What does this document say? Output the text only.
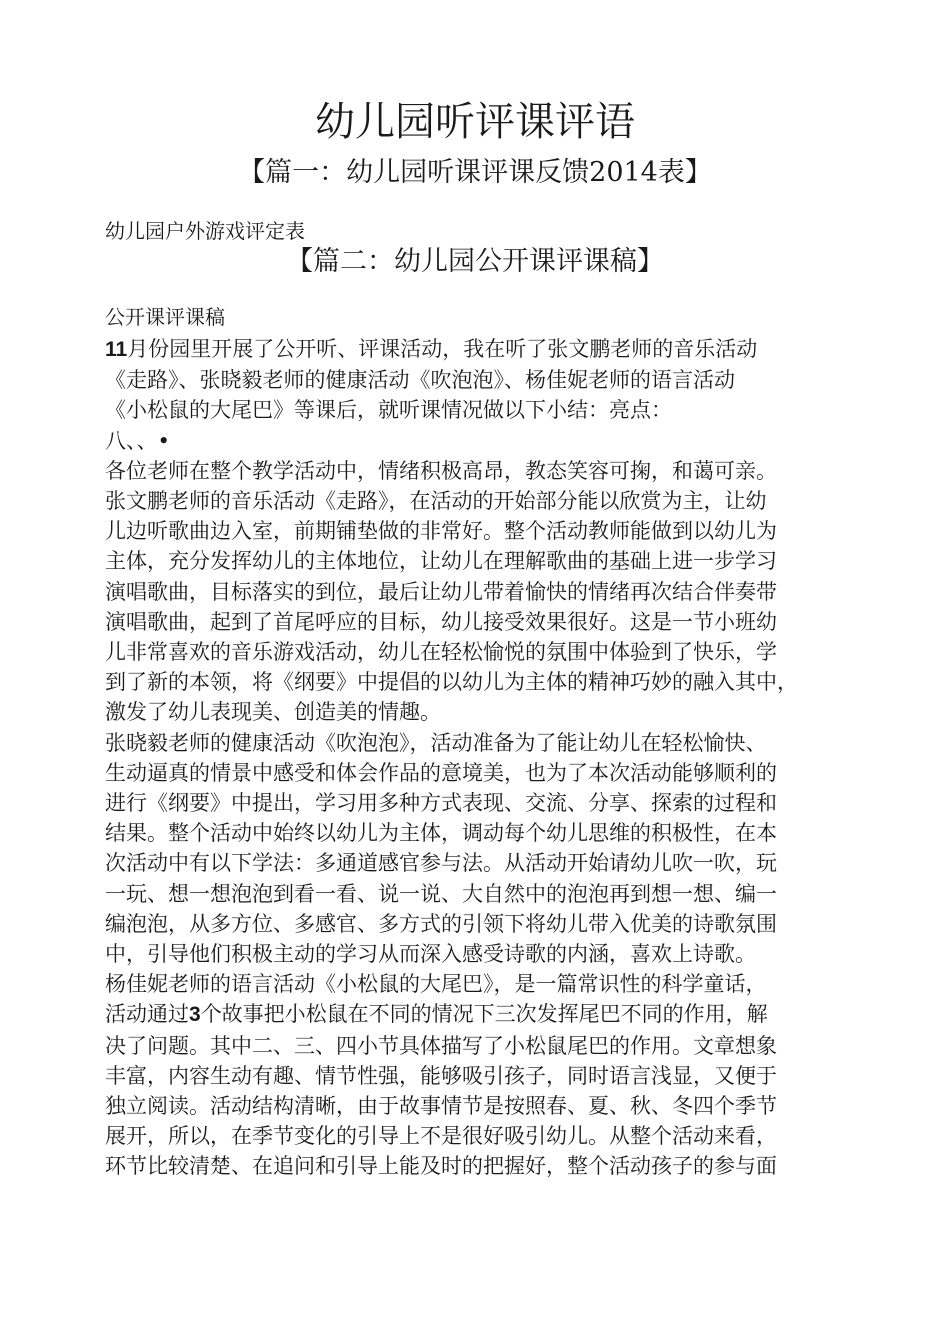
幼儿园听评课评语
【篇一：幼儿园听课评课反馈2014表】

幼儿园户外游戏评定表

【篇二：幼儿园公开课评课稿】

公开课评课稿

11月份园里开展了公开听、评课活动，我在听了张文鹏老师的音乐活动

《走路》、张晓毅老师的健康活动《吹泡泡》、杨佳妮老师的语言活动

《小松鼠的大尾巴》等课后，就听课情况做以下小结：亮点：

八、、•

各位老师在整个教学活动中，情绪积极高昂，教态笑容可掬，和蔼可亲。

张文鹏老师的音乐活动《走路》，在活动的开始部分能以欣赏为主，让幼

儿边听歌曲边入室，前期铺垫做的非常好。整个活动教师能做到以幼儿为

主体，充分发挥幼儿的主体地位，让幼儿在理解歌曲的基础上进一步学习

演唱歌曲，目标落实的到位，最后让幼儿带着愉快的情绪再次结合伴奏带

演唱歌曲，起到了首尾呼应的目标，幼儿接受效果很好。这是一节小班幼

儿非常喜欢的音乐游戏活动，幼儿在轻松愉悦的氛围中体验到了快乐，学

到了新的本领，将《纲要》中提倡的以幼儿为主体的精神巧妙的融入其中，

激发了幼儿表现美、创造美的情趣。

张晓毅老师的健康活动《吹泡泡》，活动准备为了能让幼儿在轻松愉快、

生动逼真的情景中感受和体会作品的意境美，也为了本次活动能够顺利的

进行《纲要》中提出，学习用多种方式表现、交流、分享、探索的过程和

结果。整个活动中始终以幼儿为主体，调动每个幼儿思维的积极性，在本

次活动中有以下学法：多通道感官参与法。从活动开始请幼儿吹一吹，玩

一玩、想一想泡泡到看一看、说一说、大自然中的泡泡再到想一想、编一

编泡泡，从多方位、多感官、多方式的引领下将幼儿带入优美的诗歌氛围

中，引导他们积极主动的学习从而深入感受诗歌的内涵，喜欢上诗歌。

杨佳妮老师的语言活动《小松鼠的大尾巴》，是一篇常识性的科学童话，

活动通过3个故事把小松鼠在不同的情况下三次发挥尾巴不同的作用，解

决了问题。其中二、三、四小节具体描写了小松鼠尾巴的作用。文章想象

丰富，内容生动有趣、情节性强，能够吸引孩子，同时语言浅显，又便于

独立阅读。活动结构清晰，由于故事情节是按照春、夏、秋、冬四个季节

展开，所以，在季节变化的引导上不是很好吸引幼儿。从整个活动来看，

环节比较清楚、在追问和引导上能及时的把握好，整个活动孩子的参与面
